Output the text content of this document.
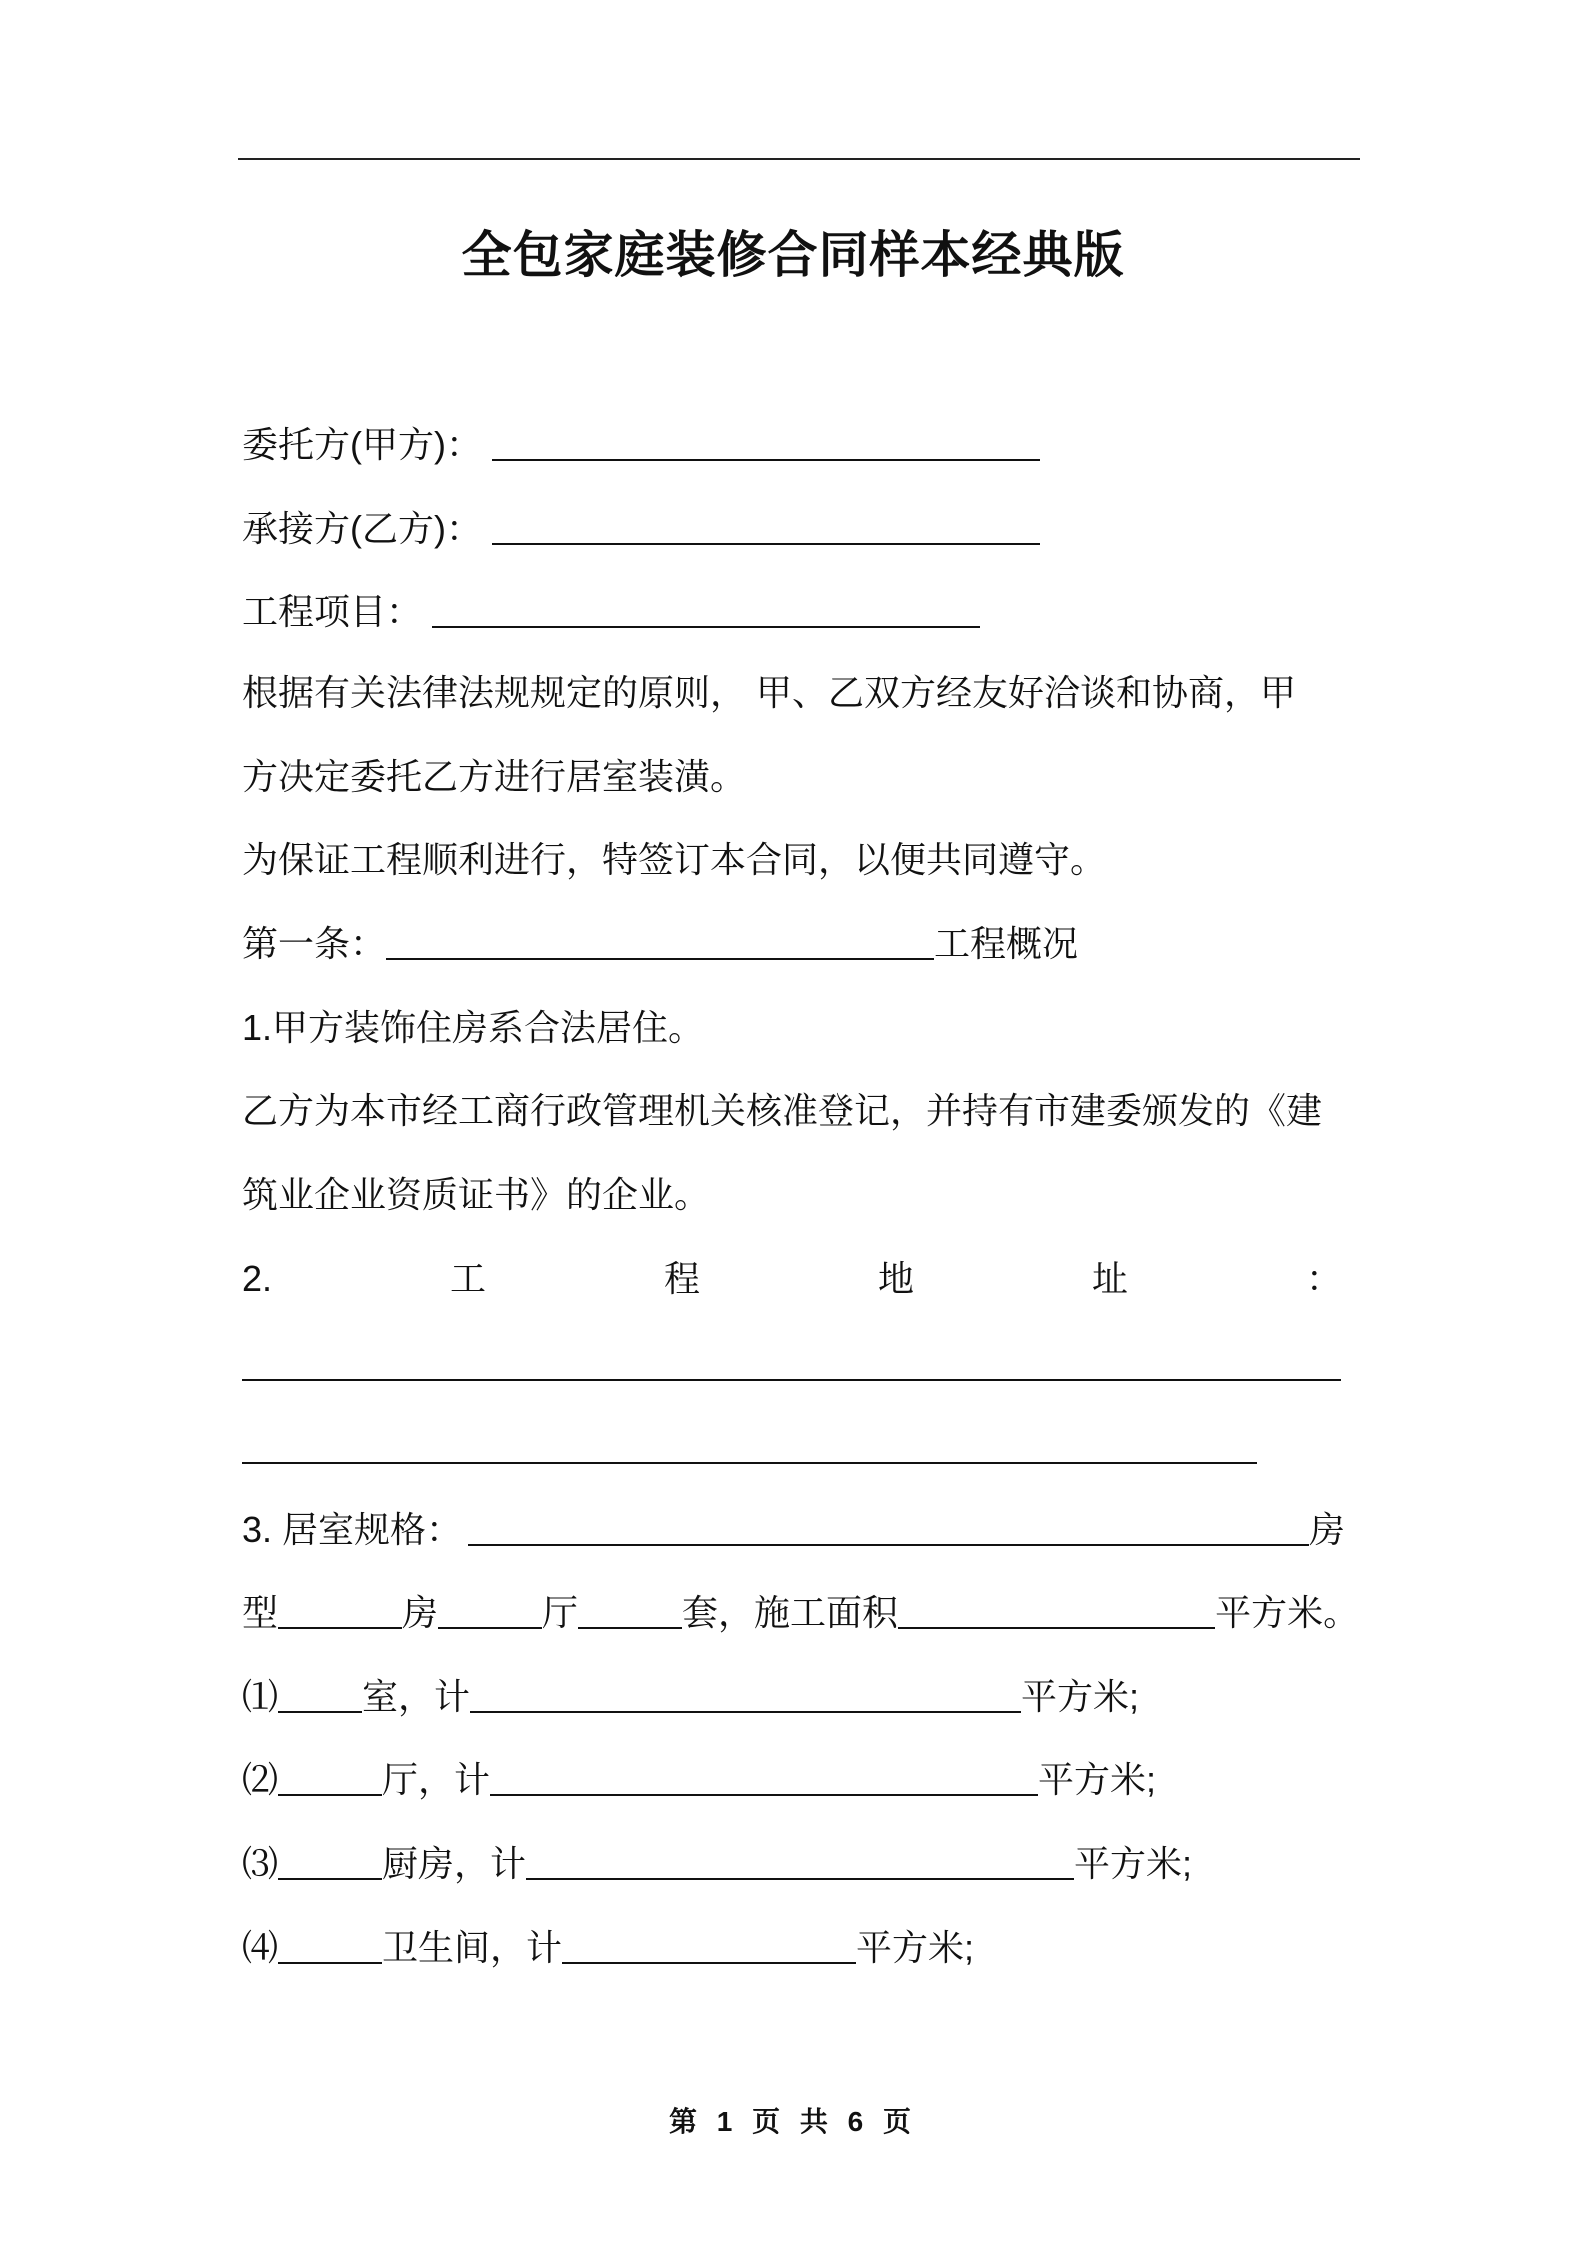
全包家庭装修合同样本经典版
委托方(甲方)：
承接方(乙方)：
工程项目：
根据有关法律法规规定的原则， 甲、乙双方经友好洽谈和协商，甲
方决定委托乙方进行居室装潢。
为保证工程顺利进行，特签订本合同，以便共同遵守。
第一条：	工程概况
1.甲方装饰住房系合法居住。
乙方为本市经工商行政管理机关核准登记，并持有市建委颁发的《建
筑业企业资质证书》的企业。
2.	工	程	地	址	：
3. 居室规格：	房
型	房	厅	套，施工面积	平方米。
⑴ 室，计	平方米;
⑵	厅，计	平方米;
⑶	厨房，计	平方米;
⑷	卫生间，计	平方米;
第 1 页 共 6 页
